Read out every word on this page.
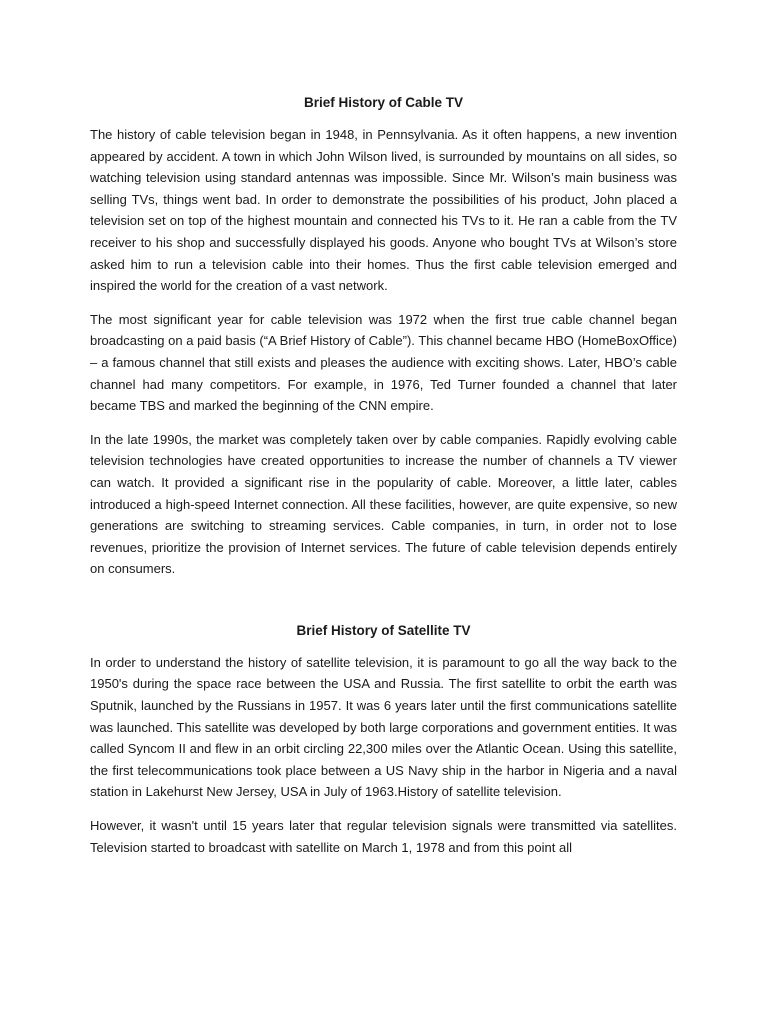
Brief History of Cable TV

The history of cable television began in 1948, in Pennsylvania. As it often happens, a new invention appeared by accident. A town in which John Wilson lived, is surrounded by mountains on all sides, so watching television using standard antennas was impossible. Since Mr. Wilson’s main business was selling TVs, things went bad. In order to demonstrate the possibilities of his product, John placed a television set on top of the highest mountain and connected his TVs to it. He ran a cable from the TV receiver to his shop and successfully displayed his goods. Anyone who bought TVs at Wilson’s store asked him to run a television cable into their homes. Thus the first cable television emerged and inspired the world for the creation of a vast network.

The most significant year for cable television was 1972 when the first true cable channel began broadcasting on a paid basis (“A Brief History of Cable”). This channel became HBO (HomeBoxOffice) – a famous channel that still exists and pleases the audience with exciting shows. Later, HBO’s cable channel had many competitors. For example, in 1976, Ted Turner founded a channel that later became TBS and marked the beginning of the CNN empire.

In the late 1990s, the market was completely taken over by cable companies. Rapidly evolving cable television technologies have created opportunities to increase the number of channels a TV viewer can watch. It provided a significant rise in the popularity of cable. Moreover, a little later, cables introduced a high-speed Internet connection. All these facilities, however, are quite expensive, so new generations are switching to streaming services. Cable companies, in turn, in order not to lose revenues, prioritize the provision of Internet services. The future of cable television depends entirely on consumers.

Brief History of Satellite TV

In order to understand the history of satellite television, it is paramount to go all the way back to the 1950's during the space race between the USA and Russia. The first satellite to orbit the earth was Sputnik, launched by the Russians in 1957. It was 6 years later until the first communications satellite was launched. This satellite was developed by both large corporations and government entities. It was called Syncom II and flew in an orbit circling 22,300 miles over the Atlantic Ocean. Using this satellite, the first telecommunications took place between a US Navy ship in the harbor in Nigeria and a naval station in Lakehurst New Jersey, USA in July of 1963.History of satellite television.

However, it wasn't until 15 years later that regular television signals were transmitted via satellites. Television started to broadcast with satellite on March 1, 1978 and from this point all
